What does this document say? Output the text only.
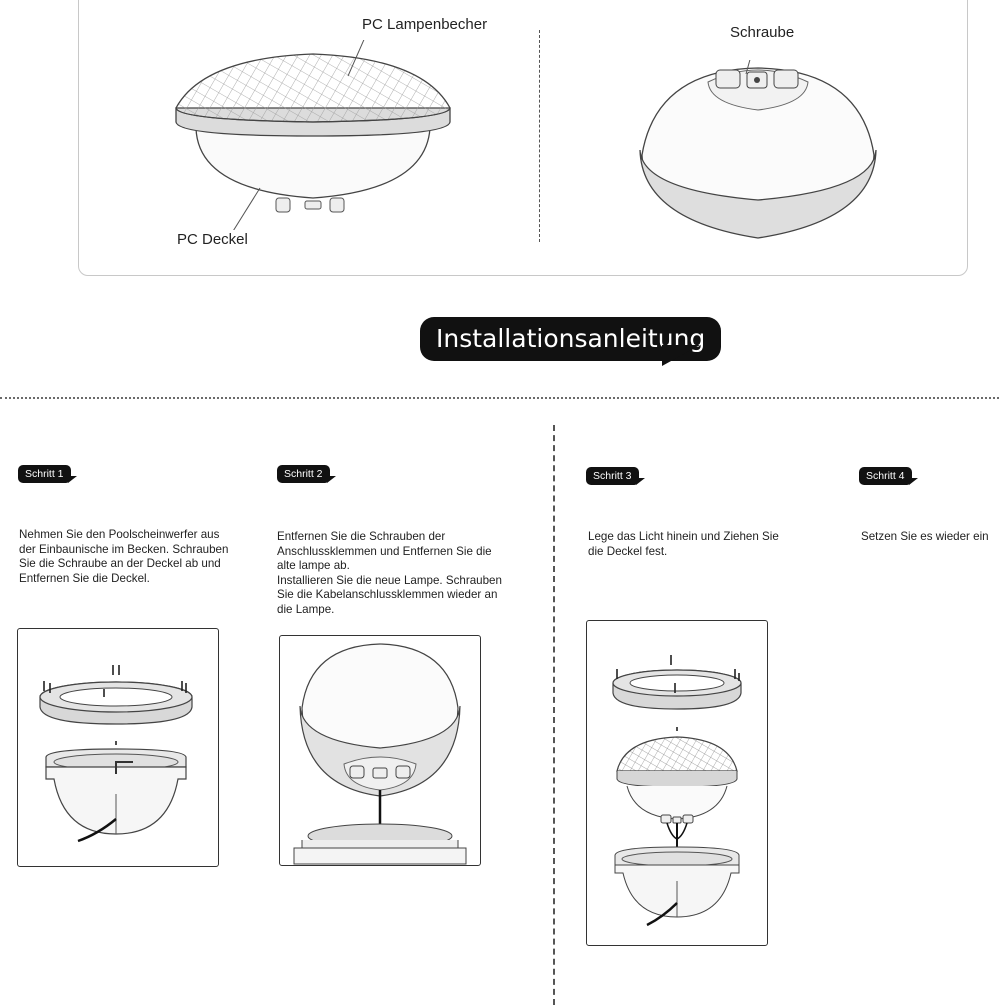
PC Lampenbecher
PC Deckel
Schraube
Installationsanleitung
Schritt 1	Schritt 2	Schritt 3	Schritt 4
Nehmen Sie den Poolscheinwerfer aus
der Einbaunische im Becken. Schrauben
Sie die Schraube an der Deckel ab und
Entfernen Sie die Deckel.
Entfernen Sie die Schrauben der
Anschlussklemmen und Entfernen Sie die
alte lampe ab.
Installieren Sie die neue Lampe. Schrauben
Sie die Kabelanschlussklemmen wieder an
die Lampe.
Lege das Licht hinein und Ziehen Sie
die Deckel fest.
Setzen Sie es wieder ein
